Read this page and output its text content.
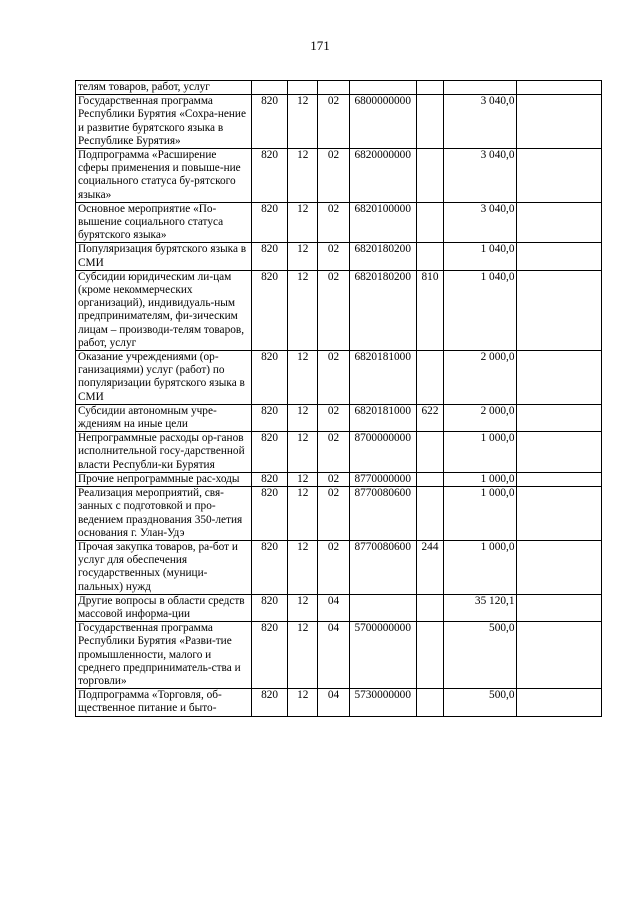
171
телям товаров, работ, услуг							
Государственная программа Республики Бурятия «Сохра-нение и развитие бурятского языка в Республике Бурятия»	820	12	02	6800000000		3 040,0	
Подпрограмма «Расширение сферы применения и повыше-ние социального статуса бу-рятского языка»	820	12	02	6820000000		3 040,0	
Основное мероприятие «По-вышение социального статуса бурятского языка»	820	12	02	6820100000		3 040,0	
Популяризация бурятского языка в СМИ	820	12	02	6820180200		1 040,0	
Субсидии юридическим ли-цам (кроме некоммерческих организаций), индивидуаль-ным предпринимателям, фи-зическим лицам – производи-телям товаров, работ, услуг	820	12	02	6820180200	810	1 040,0	
Оказание учреждениями (ор-ганизациями) услуг (работ) по популяризации бурятского языка в СМИ	820	12	02	6820181000		2 000,0	
Субсидии автономным учре-ждениям на иные цели	820	12	02	6820181000	622	2 000,0	
Непрограммные расходы ор-ганов исполнительной госу-дарственной власти Республи-ки Бурятия	820	12	02	8700000000		1 000,0	
Прочие непрограммные рас-ходы	820	12	02	8770000000		1 000,0	
Реализация мероприятий, свя-занных с подготовкой и про-ведением празднования 350-летия основания г. Улан-Удэ	820	12	02	8770080600		1 000,0	
Прочая закупка товаров, ра-бот и услуг для обеспечения государственных (муници-пальных) нужд	820	12	02	8770080600	244	1 000,0	
Другие вопросы в области средств массовой информа-ции	820	12	04			35 120,1	
Государственная программа Республики Бурятия «Разви-тие промышленности, малого и среднего предприниматель-ства и торговли»	820	12	04	5700000000		500,0	
Подпрограмма «Торговля, об-щественное питание и быто-	820	12	04	5730000000		500,0	
